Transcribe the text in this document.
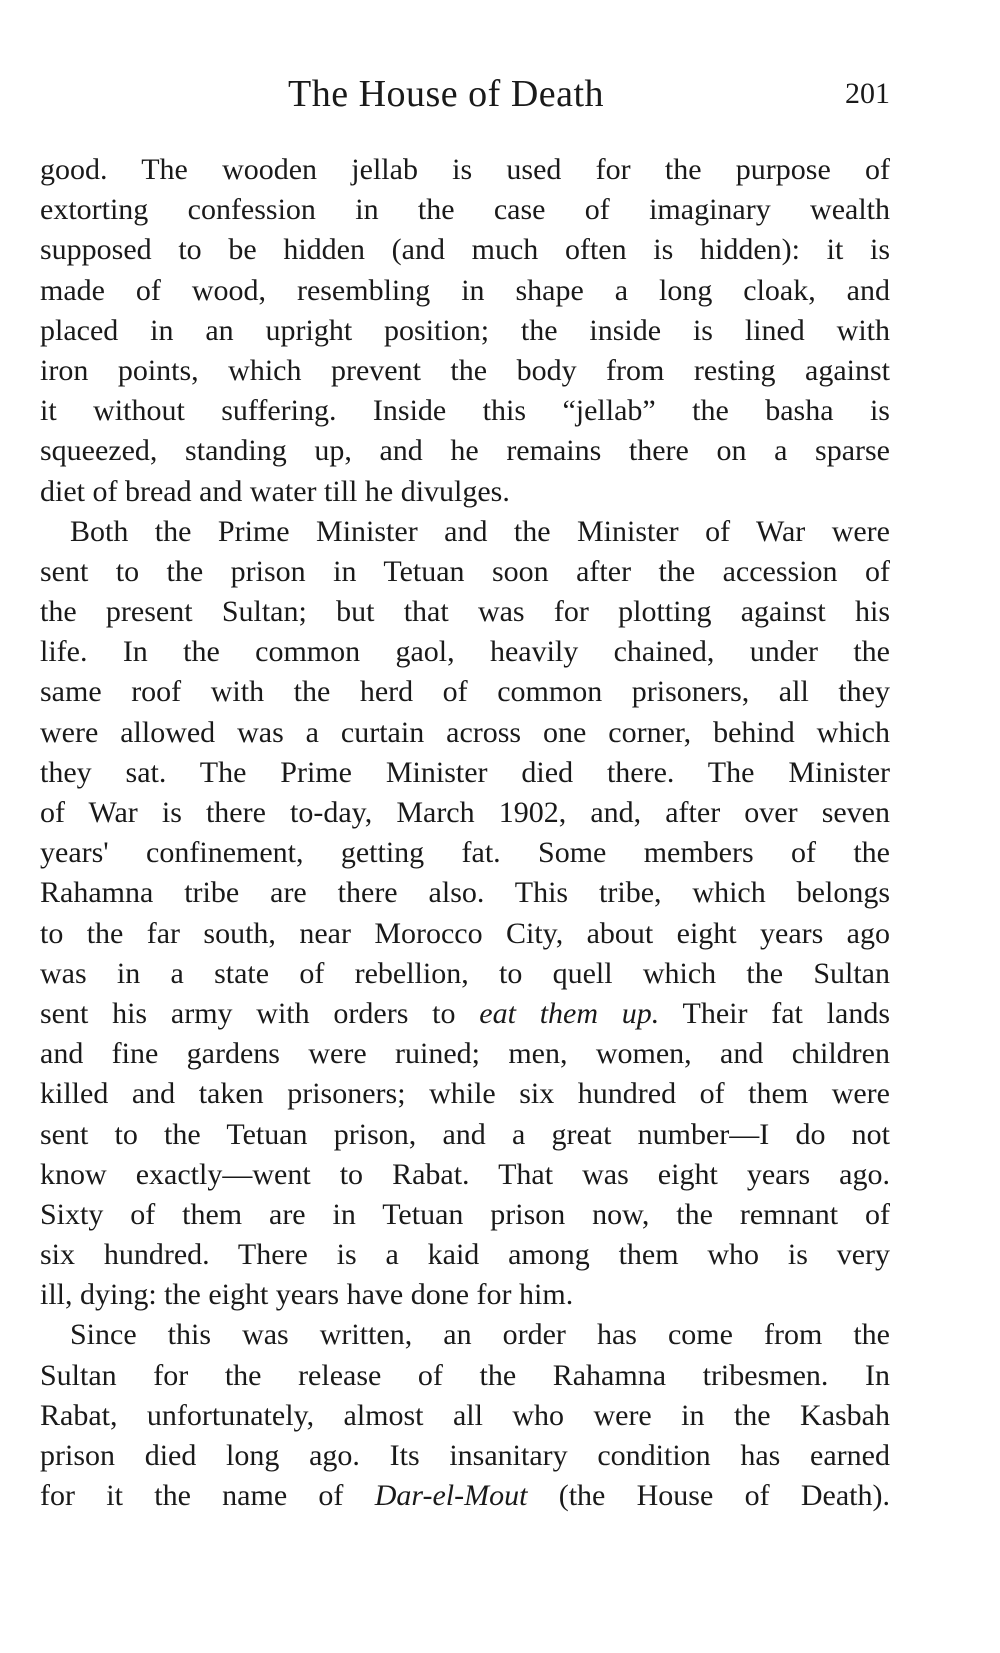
The House of Death	201
good. The wooden jellab is used for the purpose of
extorting confession in the case of imaginary wealth
supposed to be hidden (and much often is hidden): it is
made of wood, resembling in shape a long cloak, and
placed in an upright position; the inside is lined with
iron points, which prevent the body from resting against
it without suffering. Inside this “jellab” the basha is
squeezed, standing up, and he remains there on a sparse
diet of bread and water till he divulges.
Both the Prime Minister and the Minister of War were
sent to the prison in Tetuan soon after the accession of
the present Sultan; but that was for plotting against his
life. In the common gaol, heavily chained, under the
same roof with the herd of common prisoners, all they
were allowed was a curtain across one corner, behind which
they sat. The Prime Minister died there. The Minister
of War is there to-day, March 1902, and, after over seven
years' confinement, getting fat. Some members of the
Rahamna tribe are there also. This tribe, which belongs
to the far south, near Morocco City, about eight years ago
was in a state of rebellion, to quell which the Sultan
sent his army with orders to eat them up. Their fat lands
and fine gardens were ruined; men, women, and children
killed and taken prisoners; while six hundred of them were
sent to the Tetuan prison, and a great number—I do not
know exactly—went to Rabat. That was eight years ago.
Sixty of them are in Tetuan prison now, the remnant of
six hundred. There is a kaid among them who is very
ill, dying: the eight years have done for him.
Since this was written, an order has come from the
Sultan for the release of the Rahamna tribesmen. In
Rabat, unfortunately, almost all who were in the Kasbah
prison died long ago. Its insanitary condition has earned
for it the name of Dar-el-Mout (the House of Death).
